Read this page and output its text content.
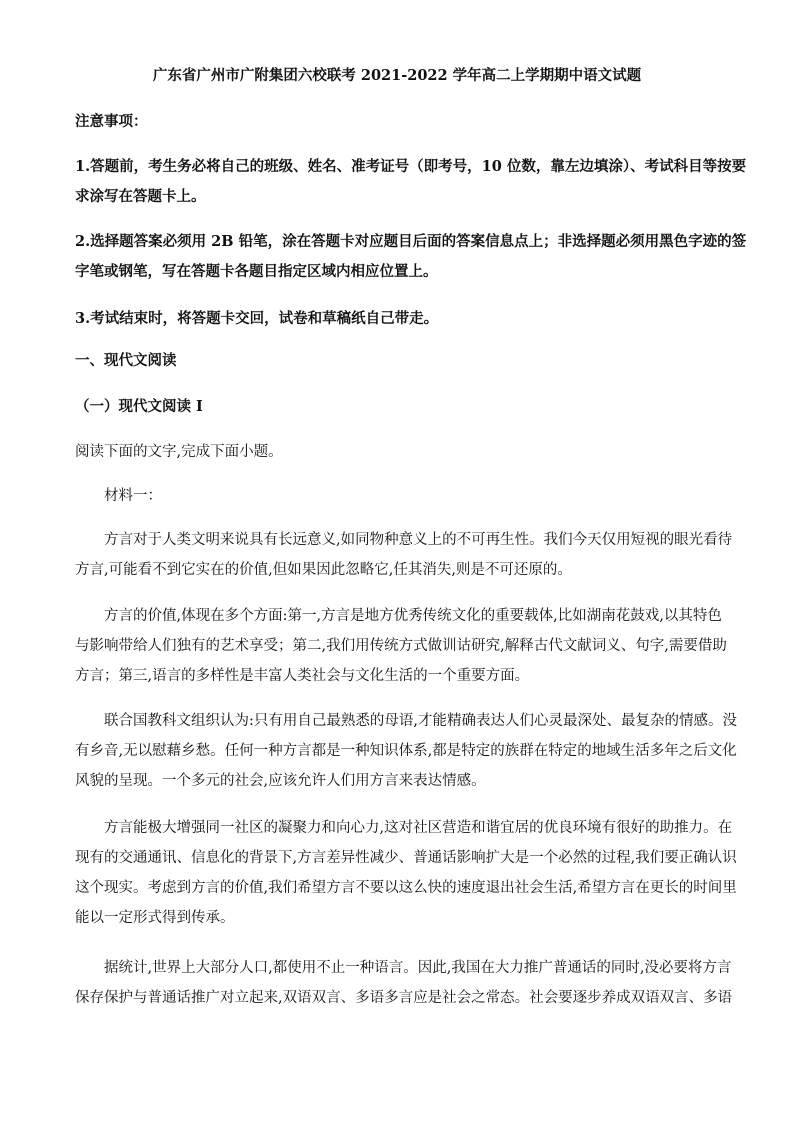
广东省广州市广附集团六校联考 2021-2022 学年高二上学期期中语文试题
注意事项：
1.答题前，考生务必将自己的班级、姓名、准考证号（即考号，10 位数，靠左边填涂）、考试科目等按要
求涂写在答题卡上。
2.选择题答案必须用 2B 铅笔，涂在答题卡对应题目后面的答案信息点上；非选择题必须用黑色字迹的签
字笔或钢笔，写在答题卡各题目指定区域内相应位置上。
3.考试结束时，将答题卡交回，试卷和草稿纸自己带走。
一、现代文阅读
（一）现代文阅读 I
阅读下面的文字,完成下面小题。
材料一：
方言对于人类文明来说具有长远意义,如同物种意义上的不可再生性。我们今天仅用短视的眼光看待
方言,可能看不到它实在的价值,但如果因此忽略它,任其消失,则是不可还原的。
方言的价值,体现在多个方面:第一,方言是地方优秀传统文化的重要载体,比如湖南花鼓戏,以其特色
与影响带给人们独有的艺术享受；第二,我们用传统方式做训诂研究,解释古代文献词义、句字,需要借助
方言；第三,语言的多样性是丰富人类社会与文化生活的一个重要方面。
联合国教科文组织认为:只有用自己最熟悉的母语,才能精确表达人们心灵最深处、最复杂的情感。没
有乡音,无以慰藉乡愁。任何一种方言都是一种知识体系,都是特定的族群在特定的地域生活多年之后文化
风貌的呈现。一个多元的社会,应该允许人们用方言来表达情感。
方言能极大增强同一社区的凝聚力和向心力,这对社区营造和谐宜居的优良环境有很好的助推力。在
现有的交通通讯、信息化的背景下,方言差异性减少、普通话影响扩大是一个必然的过程,我们要正确认识
这个现实。考虑到方言的价值,我们希望方言不要以这么快的速度退出社会生活,希望方言在更长的时间里
能以一定形式得到传承。
据统计,世界上大部分人口,都使用不止一种语言。因此,我国在大力推广普通话的同时,没必要将方言
保存保护与普通话推广对立起来,双语双言、多语多言应是社会之常态。社会要逐步养成双语双言、多语
